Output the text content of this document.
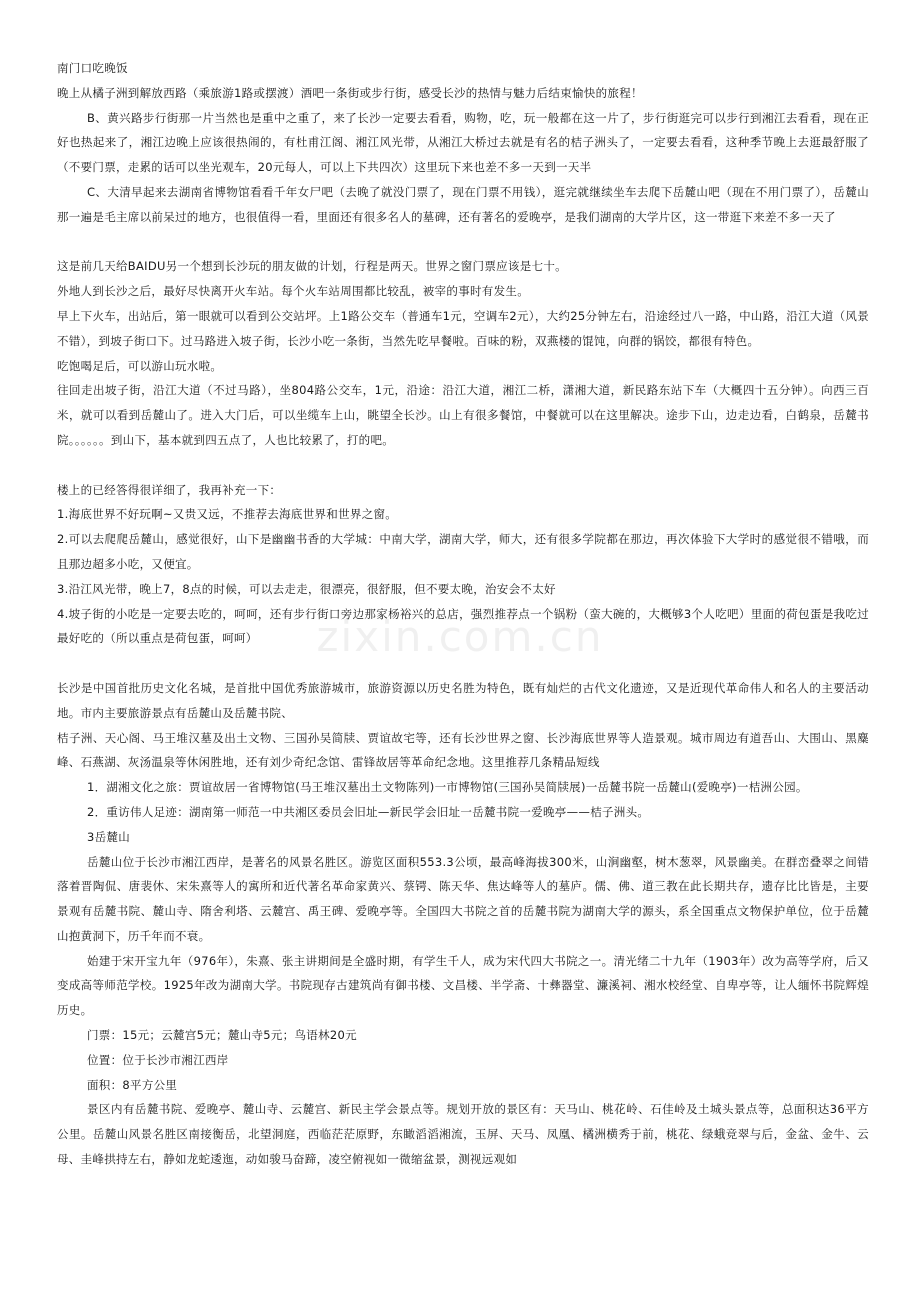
南门口吃晚饭

晚上从橘子洲到解放西路（乘旅游1路或摆渡）酒吧一条街或步行街，感受长沙的热情与魅力后结束愉快的旅程！

B、黄兴路步行街那一片当然也是重中之重了，来了长沙一定要去看看，购物，吃，玩一般都在这一片了，步行街逛完可以步行到湘江去看看，现在正好也热起来了，湘江边晚上应该很热闹的，有杜甫江阁、湘江风光带，从湘江大桥过去就是有名的桔子洲头了，一定要去看看，这种季节晚上去逛最舒服了（不要门票，走累的话可以坐光观车，20元每人，可以上下共四次）这里玩下来也差不多一天到一天半

C、大清早起来去湖南省博物馆看看千年女尸吧（去晚了就没门票了，现在门票不用钱），逛完就继续坐车去爬下岳麓山吧（现在不用门票了），岳麓山那一遍是毛主席以前呆过的地方，也很值得一看，里面还有很多名人的墓碑，还有著名的爱晚亭，是我们湖南的大学片区，这一带逛下来差不多一天了

这是前几天给BAIDU另一个想到长沙玩的朋友做的计划，行程是两天。世界之窗门票应该是七十。

外地人到长沙之后，最好尽快离开火车站。每个火车站周围都比较乱，被宰的事时有发生。

早上下火车，出站后，第一眼就可以看到公交站坪。上1路公交车（普通车1元，空调车2元），大约25分钟左右，沿途经过八一路，中山路，沿江大道（风景不错），到坡子街口下。过马路进入坡子街，长沙小吃一条街，当然先吃早餐啦。百味的粉，双燕楼的馄饨，向群的锅饺，都很有特色。

吃饱喝足后，可以游山玩水啦。

往回走出坡子街，沿江大道（不过马路），坐804路公交车，1元，沿途：沿江大道，湘江二桥，潇湘大道，新民路东站下车（大概四十五分钟）。向西三百米，就可以看到岳麓山了。进入大门后，可以坐缆车上山，眺望全长沙。山上有很多餐馆，中餐就可以在这里解决。途步下山，边走边看，白鹤泉，岳麓书院。。。。。。到山下，基本就到四五点了，人也比较累了，打的吧。

楼上的已经答得很详细了，我再补充一下：

1.海底世界不好玩啊~又贵又远，不推荐去海底世界和世界之窗。

2.可以去爬爬岳麓山，感觉很好，山下是幽幽书香的大学城：中南大学，湖南大学，师大，还有很多学院都在那边，再次体验下大学时的感觉很不错哦，而且那边超多小吃，又便宜。

3.沿江风光带，晚上7，8点的时候，可以去走走，很漂亮，很舒服，但不要太晚，治安会不太好

4.坡子街的小吃是一定要去吃的，呵呵，还有步行街口旁边那家杨裕兴的总店，强烈推荐点一个锅粉（蛮大碗的，大概够3个人吃吧）里面的荷包蛋是我吃过最好吃的（所以重点是荷包蛋，呵呵）

长沙是中国首批历史文化名城，是首批中国优秀旅游城市，旅游资源以历史名胜为特色，既有灿烂的古代文化遗迹，又是近现代革命伟人和名人的主要活动地。市内主要旅游景点有岳麓山及岳麓书院、

桔子洲、天心阁、马王堆汉墓及出土文物、三国孙吴简牍、贾谊故宅等，还有长沙世界之窗、长沙海底世界等人造景观。城市周边有道吾山、大围山、黑麋峰、石燕湖、灰汤温泉等休闲胜地，还有刘少奇纪念馆、雷锋故居等革命纪念地。这里推荐几条精品短线

1．湖湘文化之旅：贾谊故居一省博物馆(马王堆汉墓出土文物陈列)一市博物馆(三国孙吴简牍展)一岳麓书院一岳麓山(爱晚亭)一桔洲公园。

2．重访伟人足迹：湖南第一师范一中共湘区委员会旧址—新民学会旧址一岳麓书院一爱晚亭——桔子洲头。

3岳麓山

岳麓山位于长沙市湘江西岸，是著名的风景名胜区。游览区面积553.3公顷，最高峰海拔300米，山涧幽壑，树木葱翠，风景幽美。在群峦叠翠之间错落着晋陶侃、唐裴休、宋朱熹等人的寓所和近代著名革命家黄兴、蔡锷、陈天华、焦达峰等人的墓庐。儒、佛、道三教在此长期共存，遗存比比皆是，主要景观有岳麓书院、麓山寺、隋舍利塔、云麓宫、禹王碑、爱晚亭等。全国四大书院之首的岳麓书院为湖南大学的源头，系全国重点文物保护单位，位于岳麓山抱黄洞下，历千年而不衰。

始建于宋开宝九年（976年），朱熹、张主讲期间是全盛时期，有学生千人，成为宋代四大书院之一。清光绪二十九年（1903年）改为高等学府，后又变成高等师范学校。1925年改为湖南大学。书院现存古建筑尚有御书楼、文昌楼、半学斋、十彝器堂、濂溪祠、湘水校经堂、自卑亭等，让人缅怀书院辉煌历史。

门票：15元；云麓宫5元；麓山寺5元；鸟语林20元

位置：位于长沙市湘江西岸

面积：8平方公里

景区内有岳麓书院、爱晚亭、麓山寺、云麓宫、新民主学会景点等。规划开放的景区有：天马山、桃花岭、石佳岭及土城头景点等，总面积达36平方公里。岳麓山风景名胜区南接衡岳，北望洞庭，西临茫茫原野，东瞰滔滔湘流，玉屏、天马、凤凰、橘洲横秀于前，桃花、绿蛾竞翠与后，金盆、金牛、云母、圭峰拱持左右，静如龙蛇逶迤，动如骏马奋蹄，凌空俯视如一微缩盆景，测视远观如

zixin.com.cn
